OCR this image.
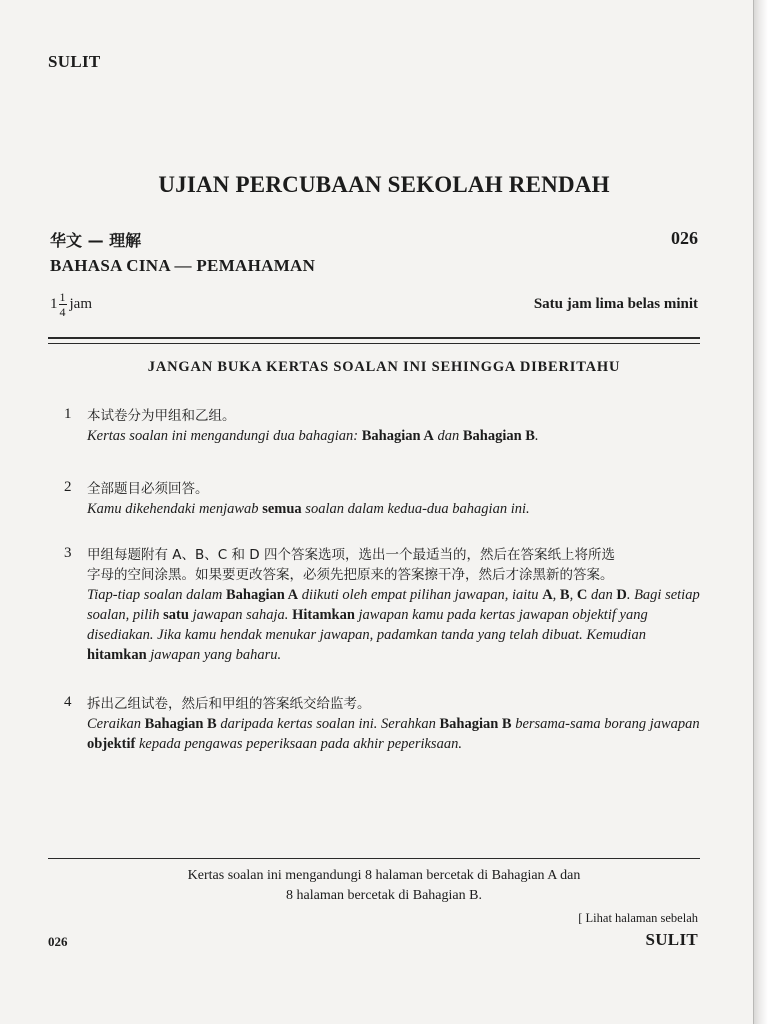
SULIT
UJIAN PERCUBAAN SEKOLAH RENDAH
华文 — 理解	026
BAHASA CINA — PEMAHAMAN
$1 \frac{1}{4}$ jam	Satu jam lima belas minit
JANGAN BUKA KERTAS SOALAN INI SEHINGGA DIBERITAHU
1 本试卷分为甲组和乙组。
Kertas soalan ini mengandungi dua bahagian: Bahagian A dan Bahagian B.
2 全部题目必须回答。
Kamu dikehendaki menjawab semua soalan dalam kedua-dua bahagian ini.
3 甲组每题附有 A、B、C 和 D 四个答案选项，选出一个最适当的，然后在答案纸上将所选
字母的空间涂黑。如果要更改答案，必须先把原来的答案擦干净，然后才涂黑新的答案。
Tiap-tiap soalan dalam Bahagian A diikuti oleh empat pilihan jawapan, iaitu A, B, C dan D. Bagi setiap soalan, pilih satu jawapan sahaja. Hitamkan jawapan kamu pada kertas jawapan objektif yang disediakan. Jika kamu hendak menukar jawapan, padamkan tanda yang telah dibuat. Kemudian hitamkan jawapan yang baharu.
4 拆出乙组试卷，然后和甲组的答案纸交给监考。
Ceraikan Bahagian B daripada kertas soalan ini. Serahkan Bahagian B bersama-sama borang jawapan objektif kepada pengawas peperiksaan pada akhir peperiksaan.
Kertas soalan ini mengandungi 8 halaman bercetak di Bahagian A dan
8 halaman bercetak di Bahagian B.
[ Lihat halaman sebelah
026	SULIT
